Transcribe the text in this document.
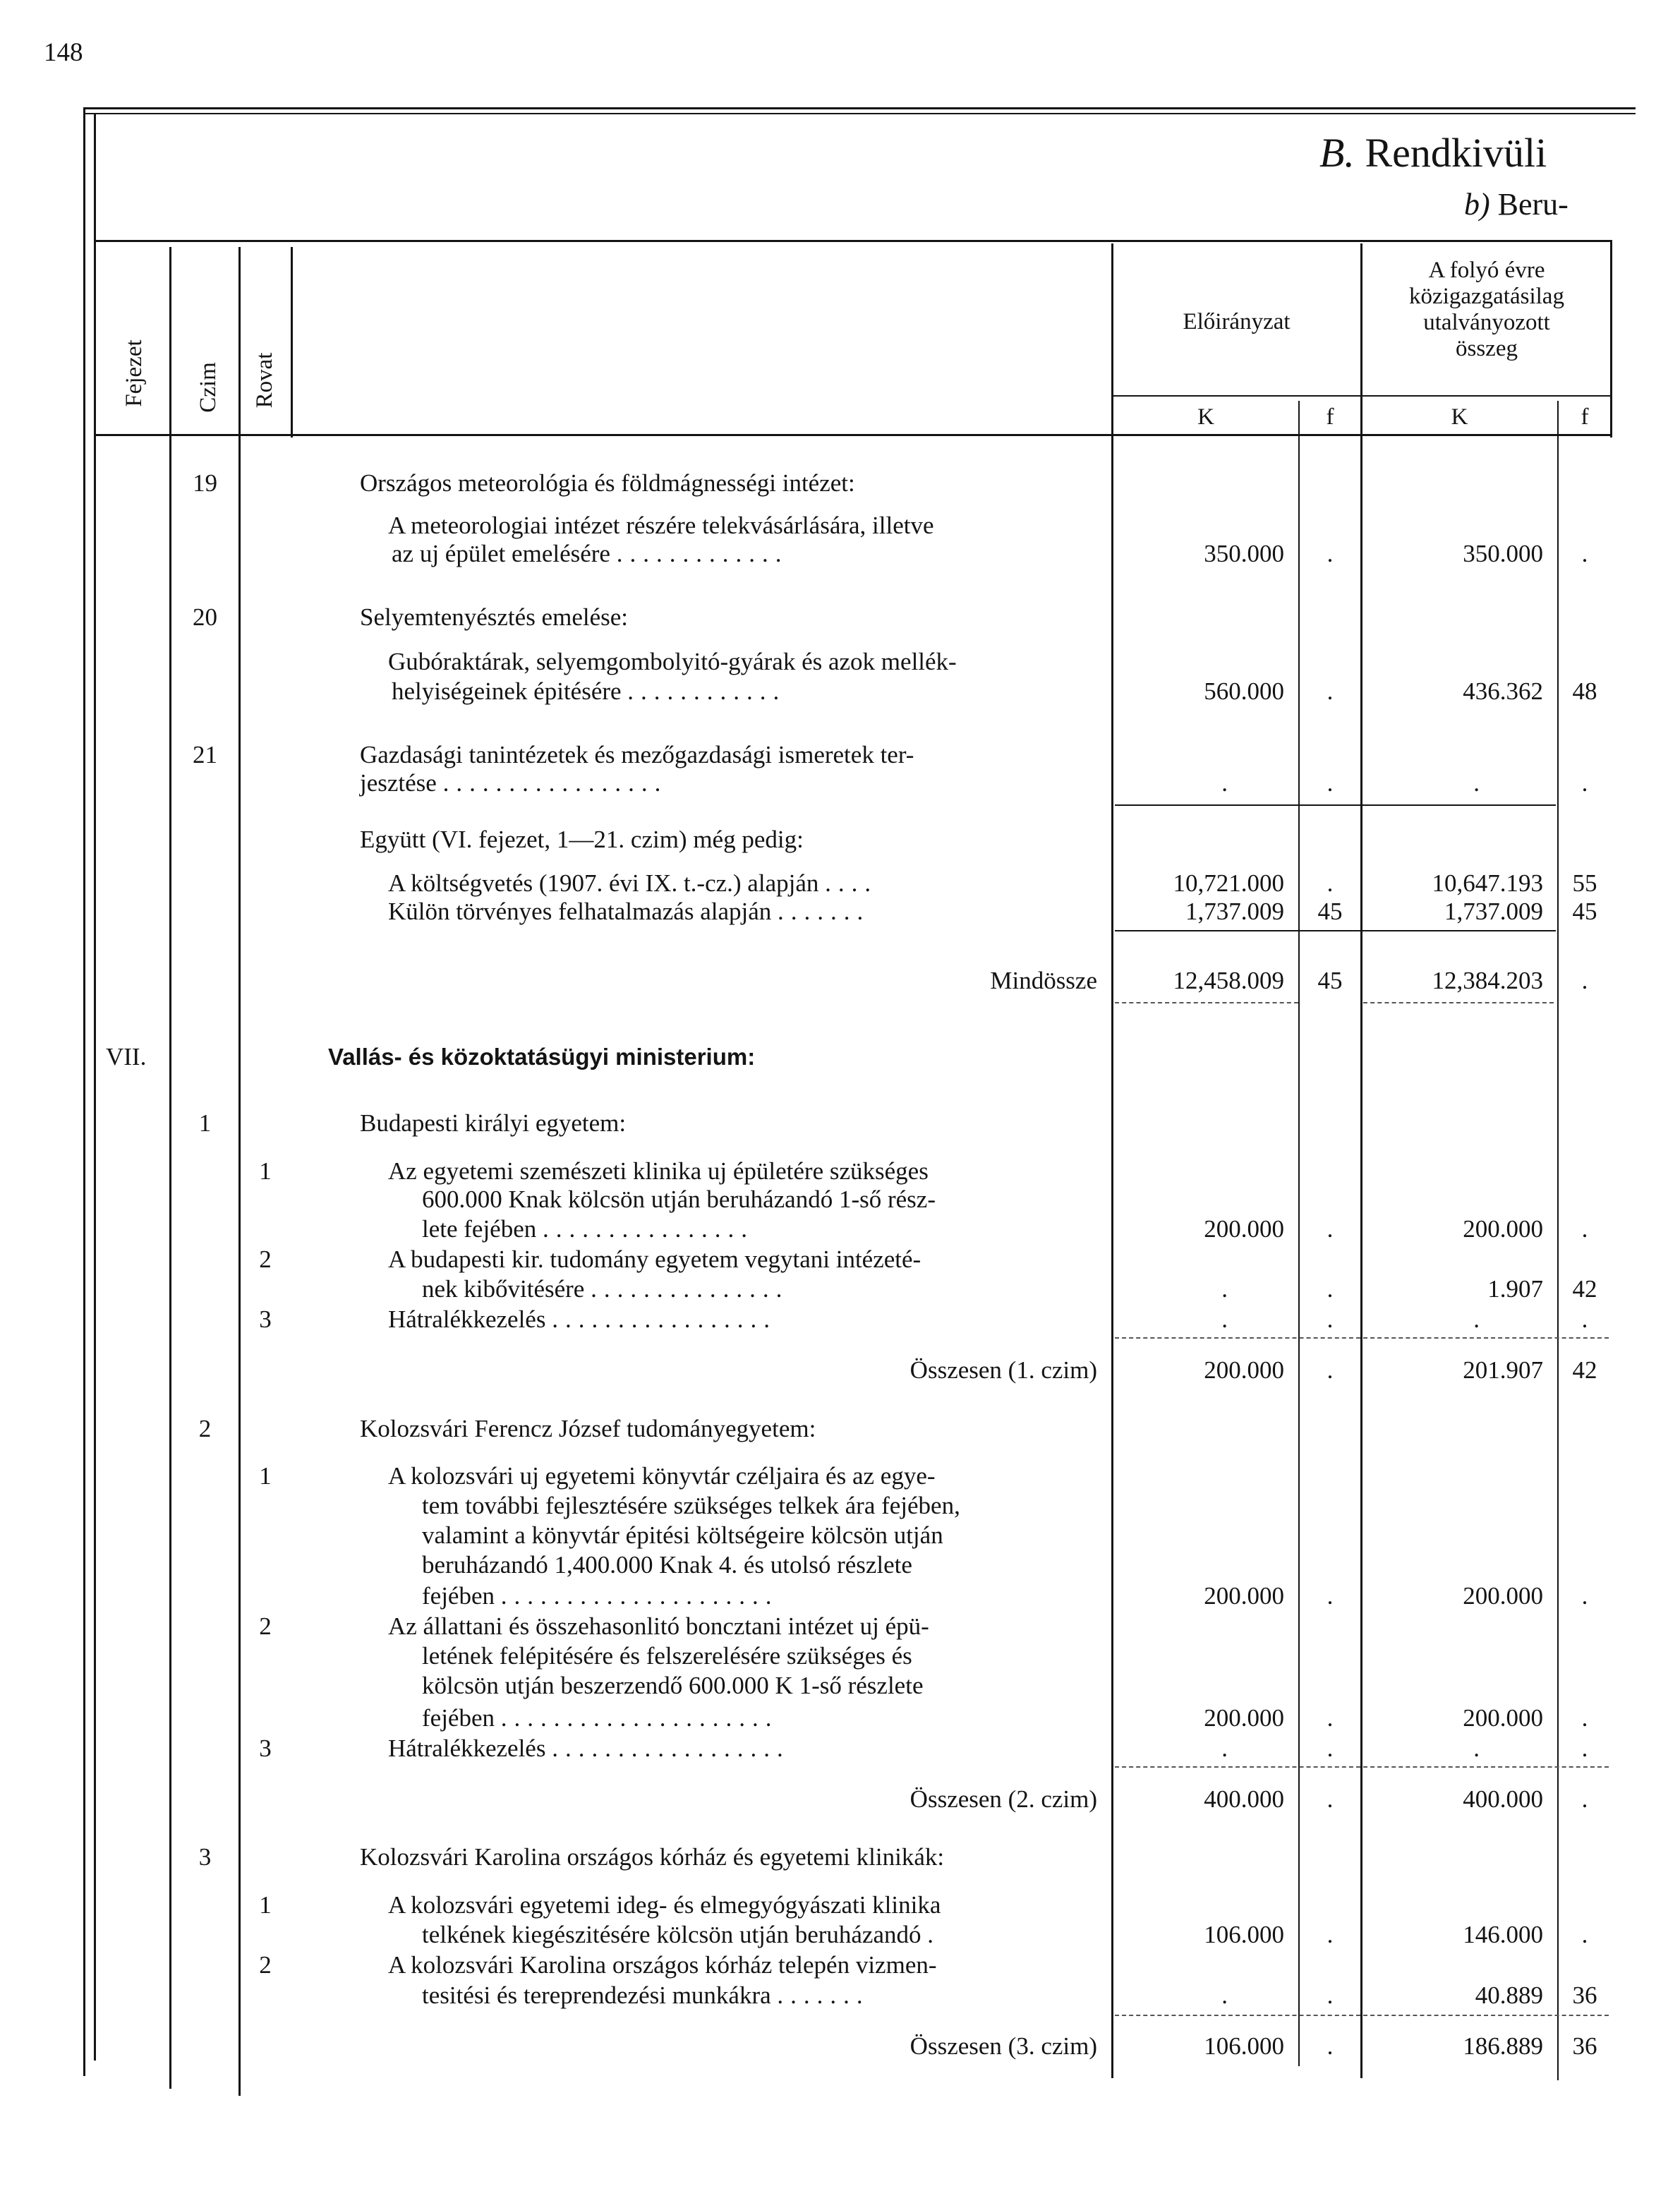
148
B. Rendkivüli
b) Beru-
Fejezet Czim Rovat
Előirányzat
A folyó évre
közigazgatásilag
utalványozott
összeg
K	f	K	f
19	Országos meteorológia és földmágnességi intézet:
A meteorologiai intézet részére telekvásárlására, illetve
az uj épület emelésére .............	350.000	.	350.000	.
20	Selyemtenyésztés emelése:
Gubóraktárak, selyemgombolyitó-gyárak és azok mellék-
helyiségeinek épitésére ............	560.000	.	436.362	48
21	Gazdasági tanintézetek és mezőgazdasági ismeretek ter-
jesztése .................	.	.	.	.
Együtt (VI. fejezet, 1—21. czim) még pedig:
A költségvetés (1907. évi IX. t.-cz.) alapján ....	10,721.000	.	10,647.193	55
Külön törvényes felhatalmazás alapján .......	1,737.009	45	1,737.009	45
Mindössze	12,458.009	45	12,384.203	.
VII.	Vallás- és közoktatásügyi ministerium:
1	Budapesti királyi egyetem:
1	Az egyetemi szemészeti klinika uj épületére szükséges
600.000 Knak kölcsön utján beruházandó 1-ső rész-
lete fejében ................	200.000	.	200.000	.
2	A budapesti kir. tudomány egyetem vegytani intézeté-
nek kibővitésére ...............	.	.	1.907	42
3	Hátralékkezelés .................	.	.	.	.
Összesen (1. czim)	200.000	.	201.907	42
2	Kolozsvári Ferencz József tudományegyetem:
1	A kolozsvári uj egyetemi könyvtár czéljaira és az egye-
tem további fejlesztésére szükséges telkek ára fejében,
valamint a könyvtár épitési költségeire kölcsön utján
beruházandó 1,400.000 Knak 4. és utolsó részlete
fejében .....................	200.000	.	200.000	.
2	Az állattani és összehasonlitó boncztani intézet uj épü-
letének felépitésére és felszerelésére szükséges és
kölcsön utján beszerzendő 600.000 K 1-ső részlete
fejében .....................	200.000	.	200.000	.
3	Hátralékkezelés ..................	.	.	.	.
Összesen (2. czim)	400.000	.	400.000	.
3	Kolozsvári Karolina országos kórház és egyetemi klinikák:
1	A kolozsvári egyetemi ideg- és elmegyógyászati klinika
telkének kiegészitésére kölcsön utján beruházandó .	106.000	.	146.000	.
2	A kolozsvári Karolina országos kórház telepén vizmen-
tesitési és tereprendezési munkákra .......	.	.	40.889	36
Összesen (3. czim)	106.000	.	186.889	36
